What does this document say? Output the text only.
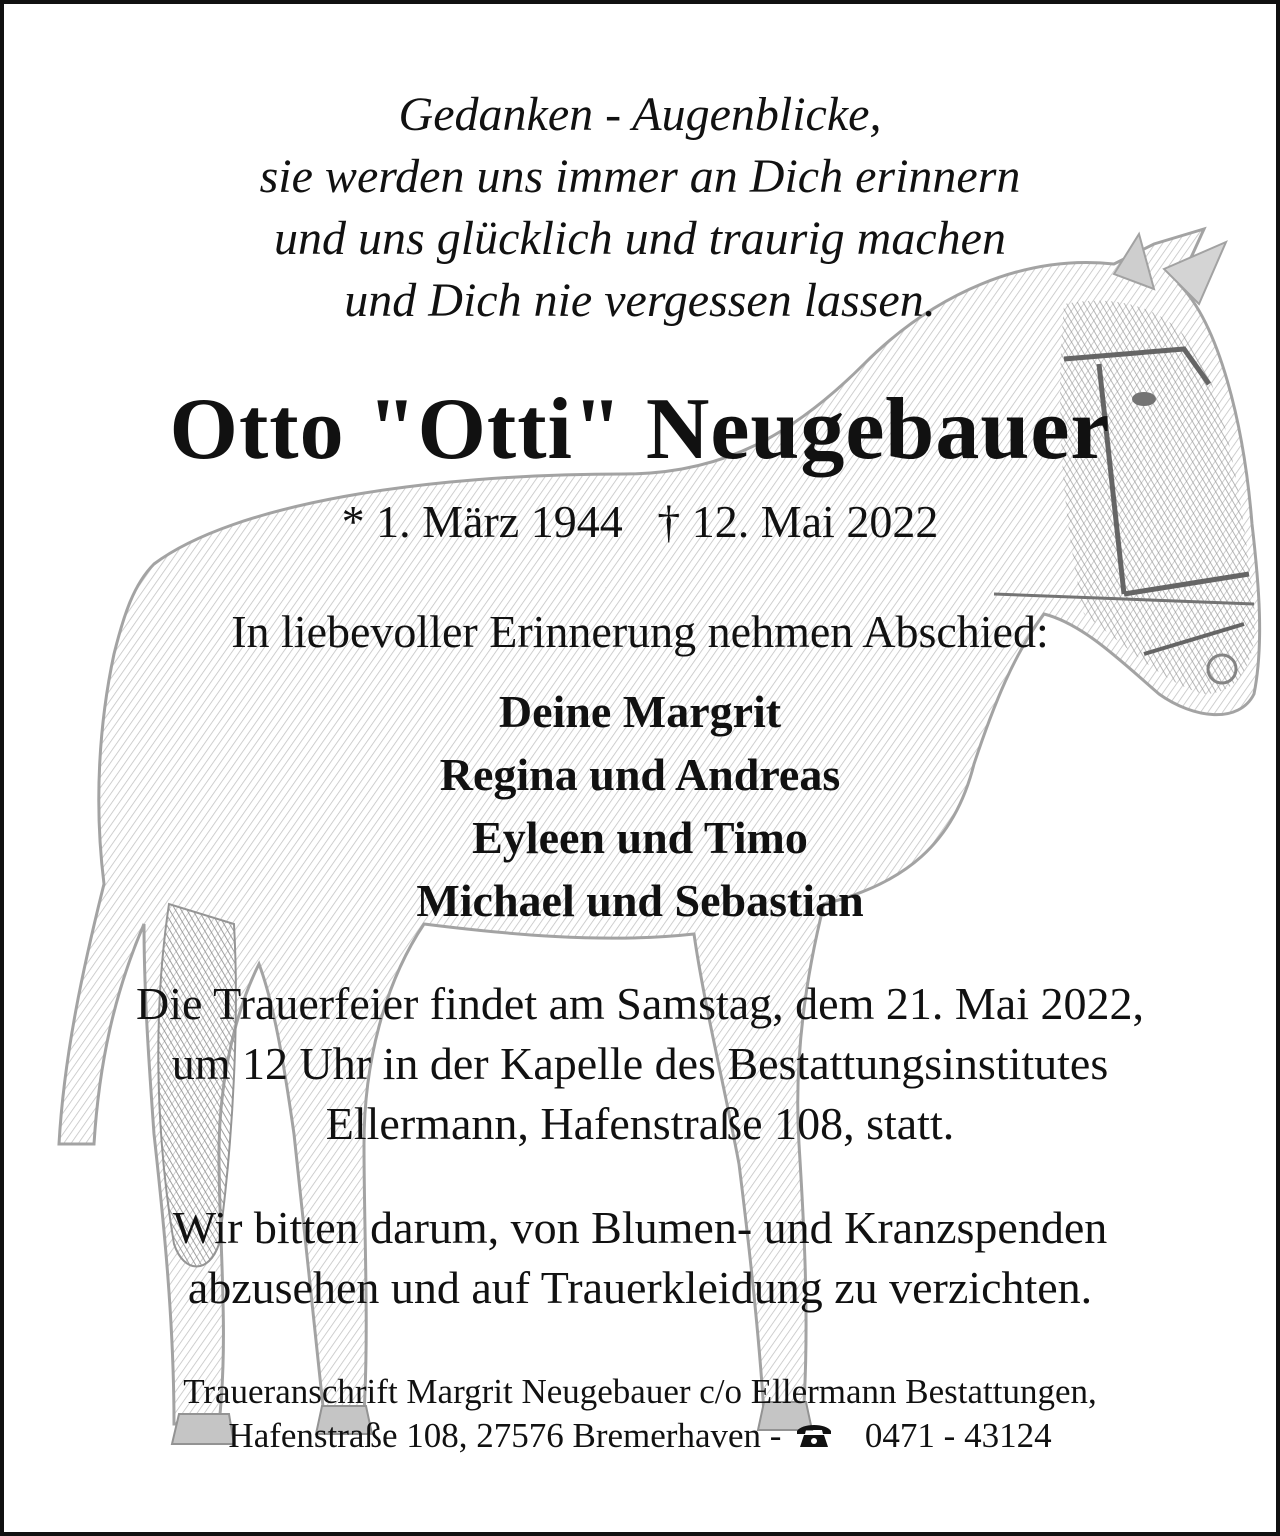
Gedanken - Augenblicke,
sie werden uns immer an Dich erinnern
und uns glücklich und traurig machen
und Dich nie vergessen lassen.
Otto "Otti" Neugebauer
* 1. März 1944 † 12. Mai 2022
In liebevoller Erinnerung nehmen Abschied:
Deine Margrit
Regina und Andreas
Eyleen und Timo
Michael und Sebastian
Die Trauerfeier findet am Samstag, dem 21. Mai 2022,
um 12 Uhr in der Kapelle des Bestattungsinstitutes
Ellermann, Hafenstraße 108, statt.
Wir bitten darum, von Blumen- und Kranzspenden
abzusehen und auf Trauerkleidung zu verzichten.
Traueranschrift Margrit Neugebauer c/o Ellermann Bestattungen,
Hafenstraße 108, 27576 Bremerhaven - 0471 - 43124
